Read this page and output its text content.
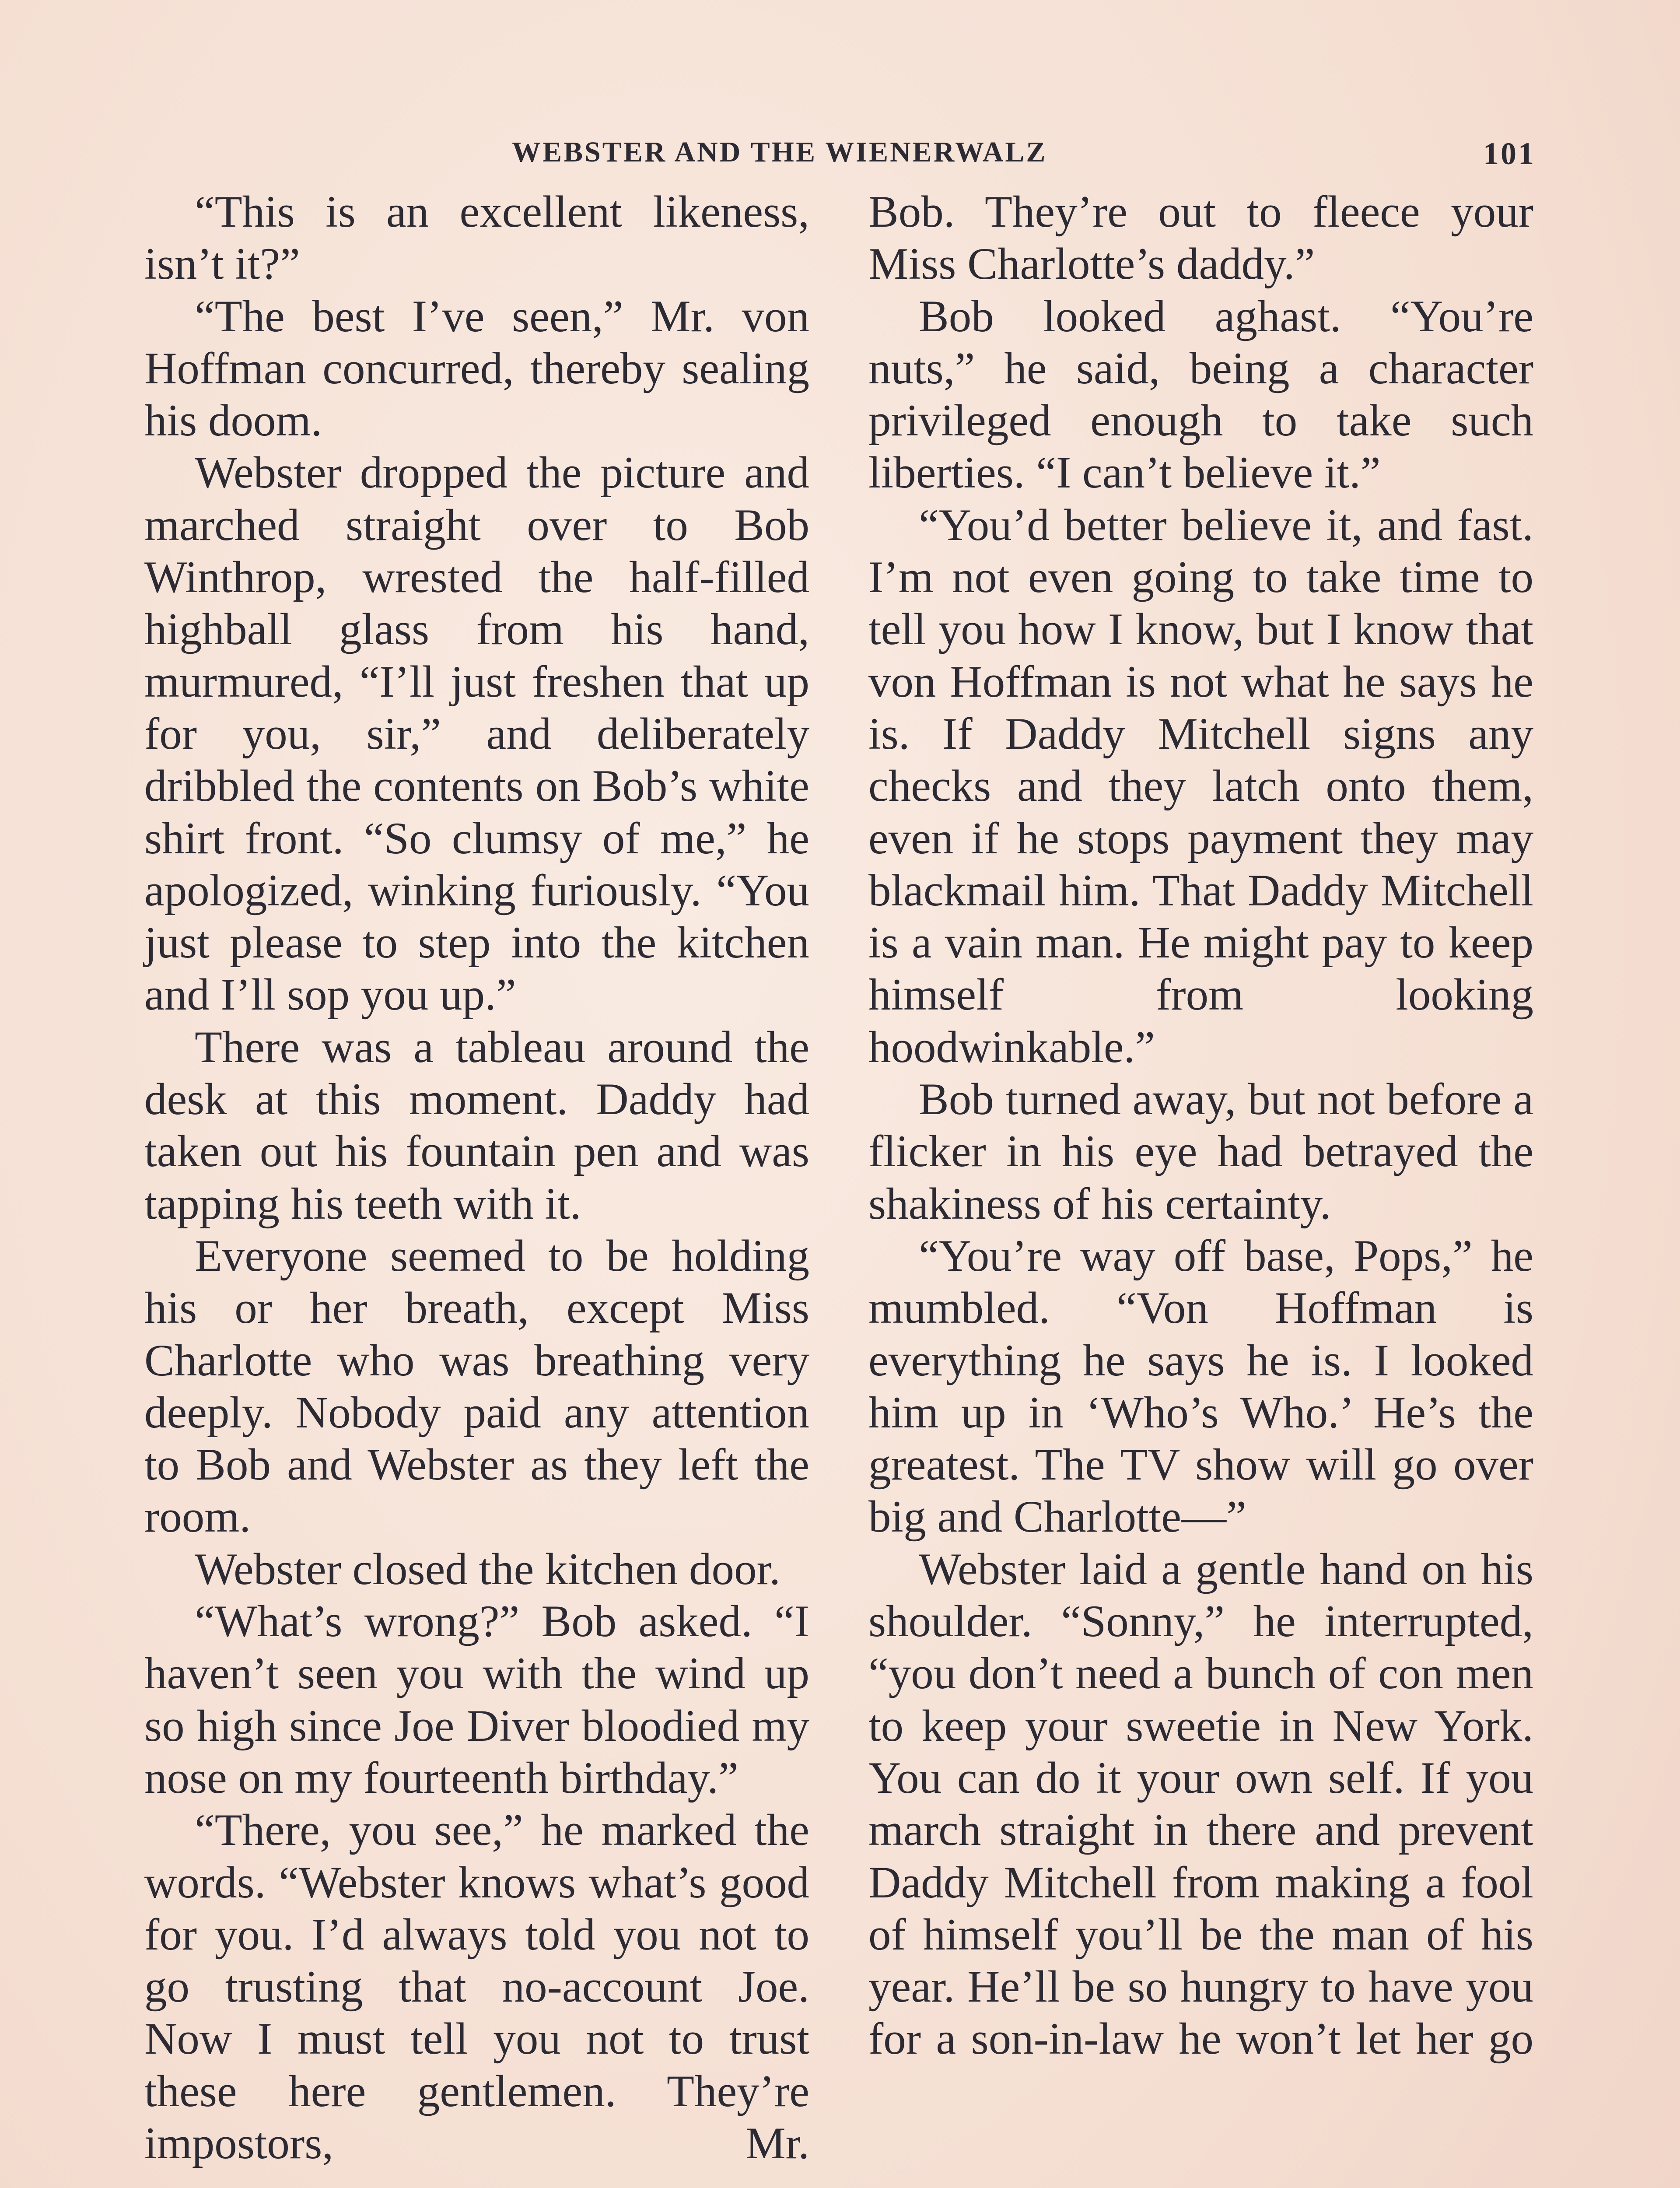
WEBSTER AND THE WIENERWALZ	101

“This is an excellent likeness, isn’t it?”

“The best I’ve seen,” Mr. von Hoffman concurred, thereby sealing his doom.

Webster dropped the picture and marched straight over to Bob Winthrop, wrested the half-filled highball glass from his hand, murmured, “I’ll just freshen that up for you, sir,” and deliberately dribbled the contents on Bob’s white shirt front. “So clumsy of me,” he apologized, winking furiously. “You just please to step into the kitchen and I’ll sop you up.”

There was a tableau around the desk at this moment. Daddy had taken out his fountain pen and was tapping his teeth with it.

Everyone seemed to be holding his or her breath, except Miss Charlotte who was breathing very deeply. Nobody paid any attention to Bob and Webster as they left the room.

Webster closed the kitchen door.

“What’s wrong?” Bob asked. “I haven’t seen you with the wind up so high since Joe Diver bloodied my nose on my fourteenth birthday.”

“There, you see,” he marked the words. “Webster knows what’s good for you. I’d always told you not to go trusting that no-account Joe. Now I must tell you not to trust these here gentlemen. They’re impostors, Mr.

Bob. They’re out to fleece your Miss Charlotte’s daddy.”

Bob looked aghast. “You’re nuts,” he said, being a character privileged enough to take such liberties. “I can’t believe it.”

“You’d better believe it, and fast. I’m not even going to take time to tell you how I know, but I know that von Hoffman is not what he says he is. If Daddy Mitchell signs any checks and they latch onto them, even if he stops payment they may blackmail him. That Daddy Mitchell is a vain man. He might pay to keep himself from looking hoodwinkable.”

Bob turned away, but not before a flicker in his eye had betrayed the shakiness of his certainty.

“You’re way off base, Pops,” he mumbled. “Von Hoffman is everything he says he is. I looked him up in ‘Who’s Who.’ He’s the greatest. The TV show will go over big and Charlotte—”

Webster laid a gentle hand on his shoulder. “Sonny,” he interrupted, “you don’t need a bunch of con men to keep your sweetie in New York. You can do it your own self. If you march straight in there and prevent Daddy Mitchell from making a fool of himself you’ll be the man of his year. He’ll be so hungry to have you for a son-in-law he won’t let her go
